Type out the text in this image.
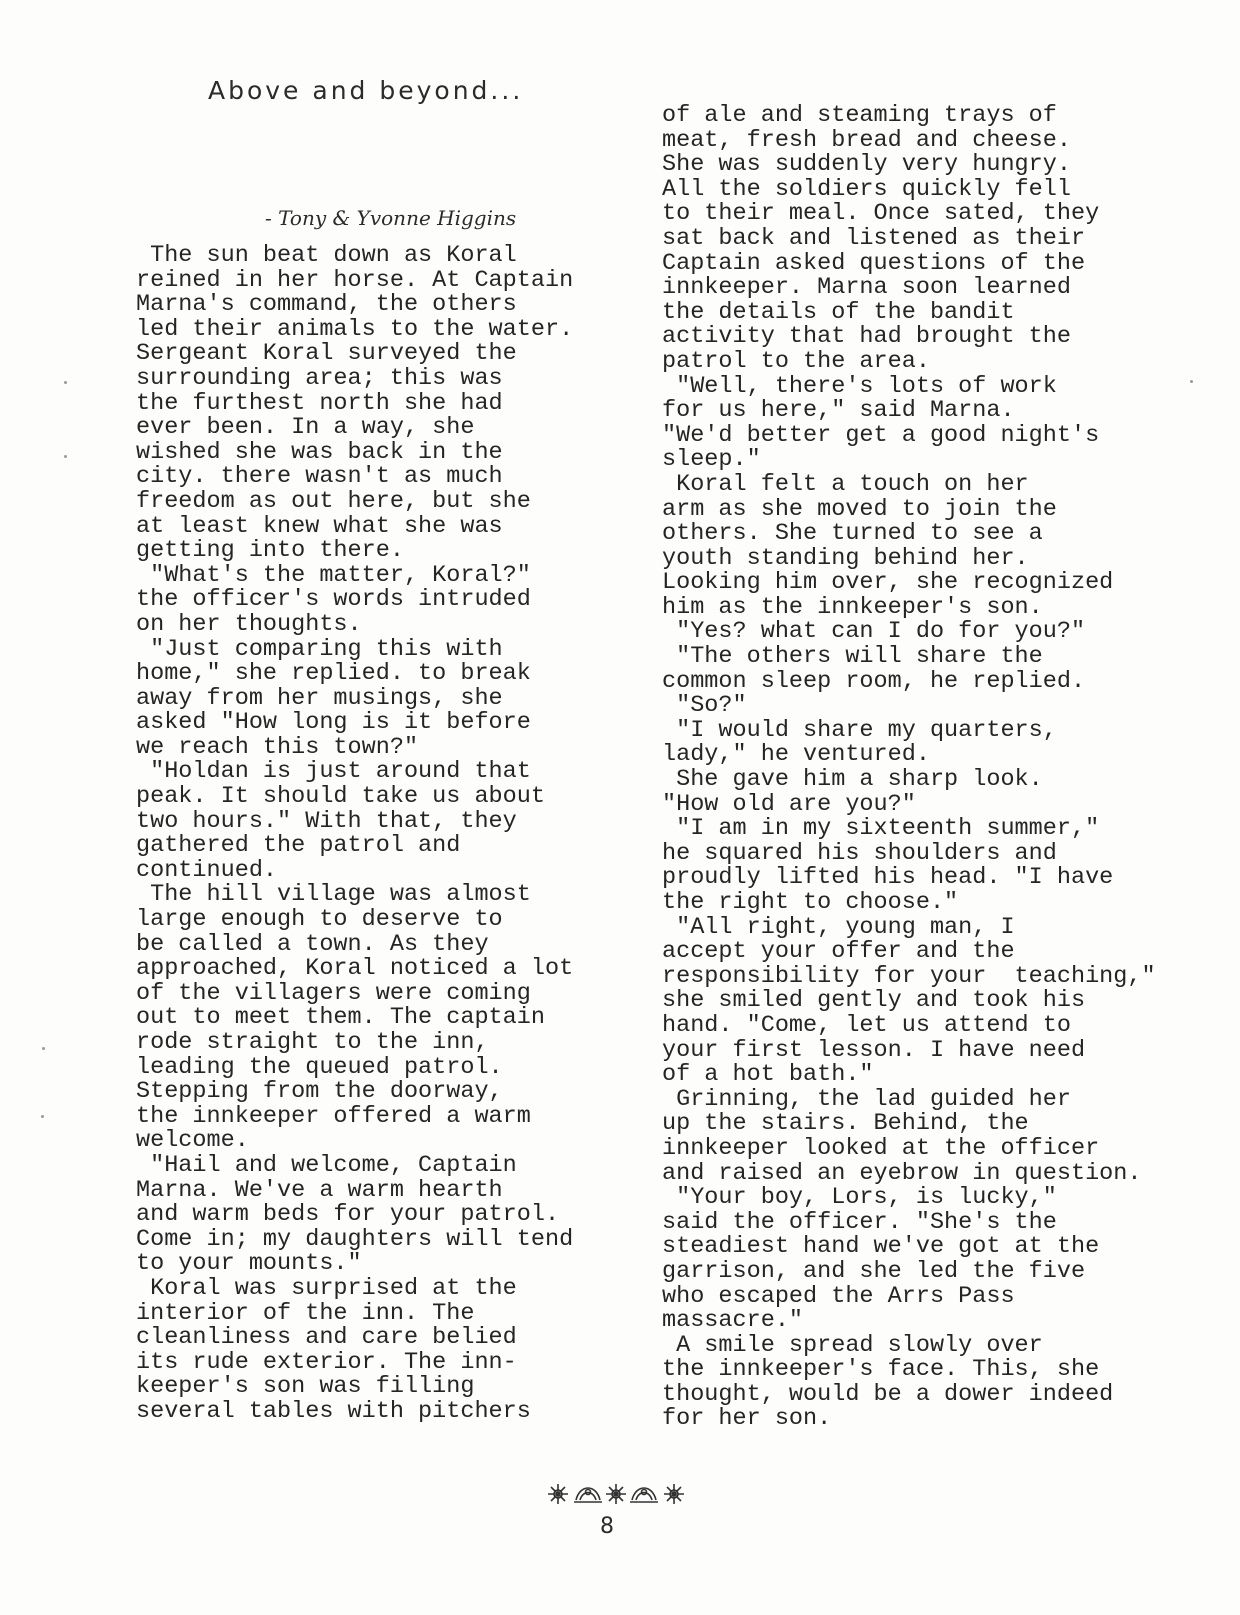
Above and beyond...
- Tony & Yvonne Higgins
The sun beat down as Koral
reined in her horse. At Captain
Marna's command, the others
led their animals to the water.
Sergeant Koral surveyed the
surrounding area; this was
the furthest north she had
ever been. In a way, she
wished she was back in the
city. there wasn't as much
freedom as out here, but she
at least knew what she was
getting into there.
"What's the matter, Koral?"
the officer's words intruded
on her thoughts.
"Just comparing this with
home," she replied. to break
away from her musings, she
asked "How long is it before
we reach this town?"
"Holdan is just around that
peak. It should take us about
two hours." With that, they
gathered the patrol and
continued.
The hill village was almost
large enough to deserve to
be called a town. As they
approached, Koral noticed a lot
of the villagers were coming
out to meet them. The captain
rode straight to the inn,
leading the queued patrol.
Stepping from the doorway,
the innkeeper offered a warm
welcome.
"Hail and welcome, Captain
Marna. We've a warm hearth
and warm beds for your patrol.
Come in; my daughters will tend
to your mounts."
Koral was surprised at the
interior of the inn. The
cleanliness and care belied
its rude exterior. The inn-
keeper's son was filling
several tables with pitchers
of ale and steaming trays of
meat, fresh bread and cheese.
She was suddenly very hungry.
All the soldiers quickly fell
to their meal. Once sated, they
sat back and listened as their
Captain asked questions of the
innkeeper. Marna soon learned
the details of the bandit
activity that had brought the
patrol to the area.
"Well, there's lots of work
for us here," said Marna.
"We'd better get a good night's
sleep."
Koral felt a touch on her
arm as she moved to join the
others. She turned to see a
youth standing behind her.
Looking him over, she recognized
him as the innkeeper's son.
"Yes? what can I do for you?"
"The others will share the
common sleep room, he replied.
"So?"
"I would share my quarters,
lady," he ventured.
She gave him a sharp look.
"How old are you?"
"I am in my sixteenth summer,"
he squared his shoulders and
proudly lifted his head. "I have
the right to choose."
"All right, young man, I
accept your offer and the
responsibility for your  teaching,"
she smiled gently and took his
hand. "Come, let us attend to
your first lesson. I have need
of a hot bath."
Grinning, the lad guided her
up the stairs. Behind, the
innkeeper looked at the officer
and raised an eyebrow in question.
"Your boy, Lors, is lucky,"
said the officer. "She's the
steadiest hand we've got at the
garrison, and she led the five
who escaped the Arrs Pass
massacre."
A smile spread slowly over
the innkeeper's face. This, she
thought, would be a dower indeed
for her son.
8
